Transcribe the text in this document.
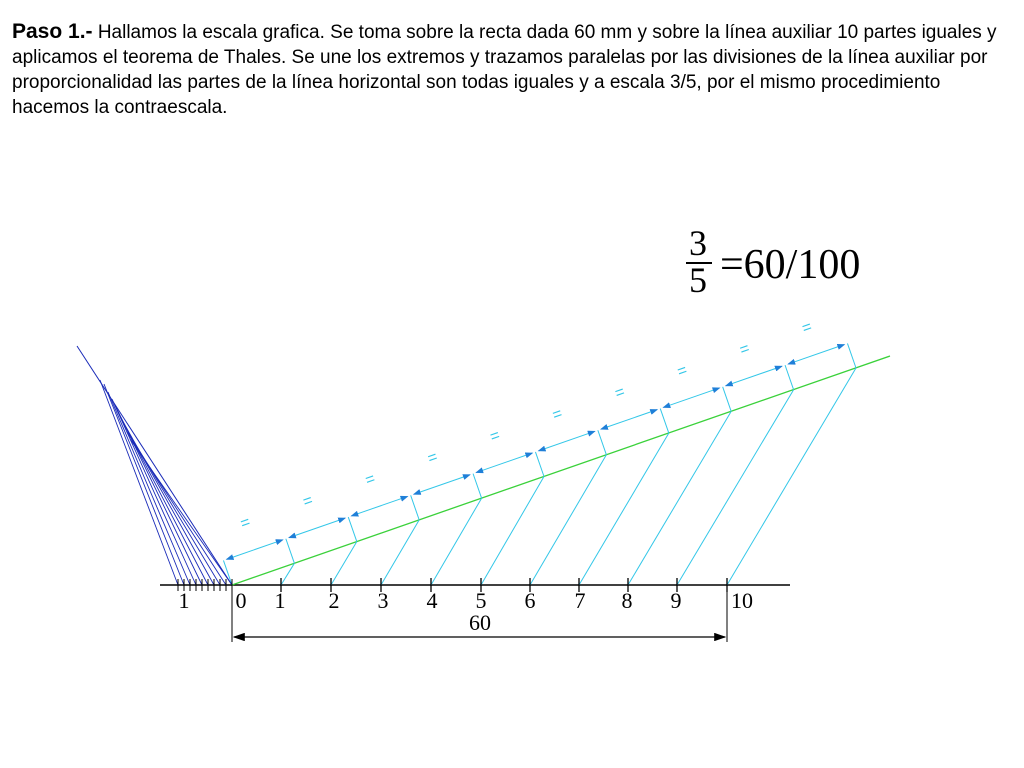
Paso 1.- Hallamos la escala grafica. Se toma sobre la recta dada 60 mm y sobre la línea auxiliar 10 partes iguales y aplicamos el teorema de Thales. Se une los extremos y trazamos paralelas por las divisiones de la línea auxiliar por proporcionalidad las partes de la línea horizontal son todas iguales y a escala 3/5, por el mismo procedimiento hacemos la contraescala.
3
5 =60/100
=
=
=
=
=
=
=
=
=
=
0 1 2 3 4 5 6 7 8 9 10
1
60
